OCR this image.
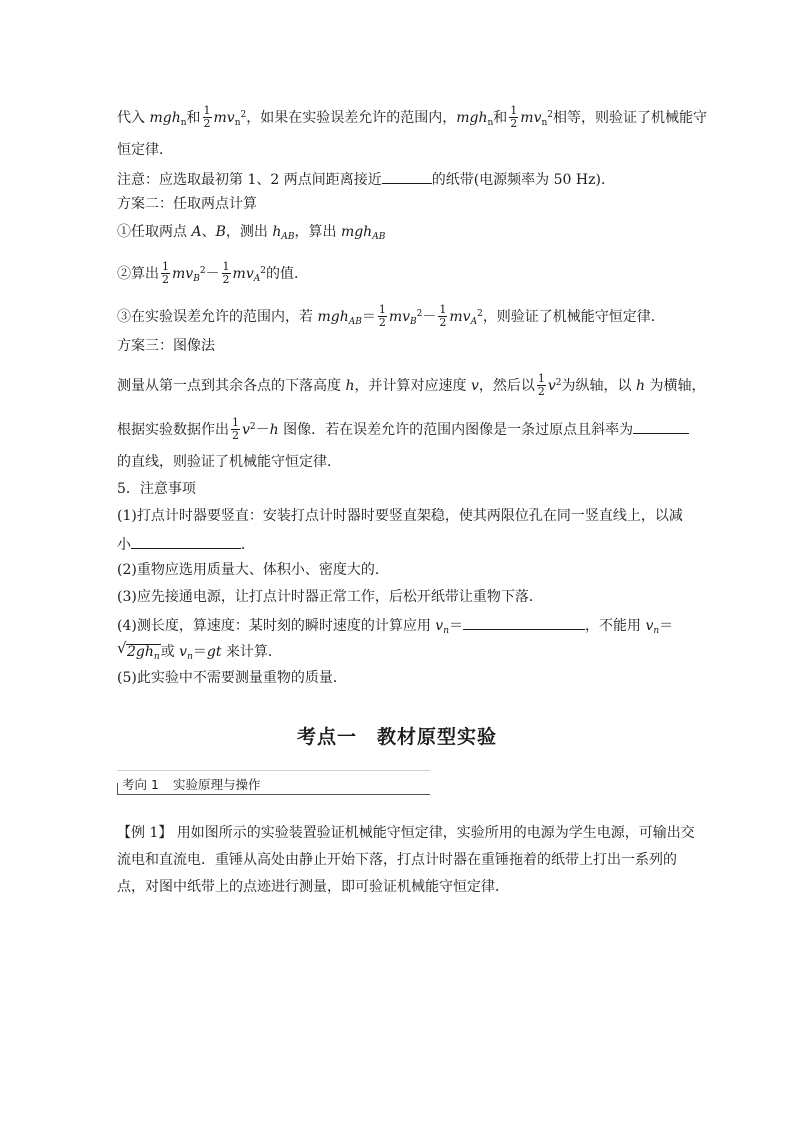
代入 mgh$_n$和 $\frac{1}{2} mv_n^2$，如果在实验误差允许的范围内，mgh$_n$和 $\frac{1}{2} mv_n^2$相等，则验证了机械能守
恒定律．
注意：应选取最初第 1、2 两点间距离接近	的纸带(电源频率为 50 Hz)．
方案二：任取两点计算
①任取两点 A、B，测出 $h_{AB}$，算出 mgh$_{AB}$
②算出 $\frac{1}{2} mv_B^2- \frac{1}{2} mv_A^2$的值．
③在实验误差允许的范围内，若 $mgh_{AB}= \frac{1}{2} mv_B^2- \frac{1}{2} mv_A^2$，则验证了机械能守恒定律．
方案三：图像法
测量从第一点到其余各点的下落高度 h，并计算对应速度 v，然后以 $\frac{1}{2} v^2$为纵轴，以 h 为横轴，
根据实验数据作出 $\frac{1}{2} v^2-h$ 图像．若在误差允许的范围内图像是一条过原点且斜率为
的直线，则验证了机械能守恒定律．
5．注意事项
(1)打点计时器要竖直：安装打点计时器时要竖直架稳，使其两限位孔在同一竖直线上，以减
小	．
(2)重物应选用质量大、体积小、密度大的．
(3)应先接通电源，让打点计时器正常工作，后松开纸带让重物下落．
(4)测长度，算速度：某时刻的瞬时速度的计算应用 $v_n=$	，不能用 $v_n=$
√ $2gh_n$或 $v_n=gt$ 来计算．
(5)此实验中不需要测量重物的质量．
考点一 教材原型实验
考向 1 实验原理与操作
【例 1】 用如图所示的实验装置验证机械能守恒定律，实验所用的电源为学生电源，可输出交
流电和直流电．重锤从高处由静止开始下落，打点计时器在重锤拖着的纸带上打出一系列的
点，对图中纸带上的点迹进行测量，即可验证机械能守恒定律．
